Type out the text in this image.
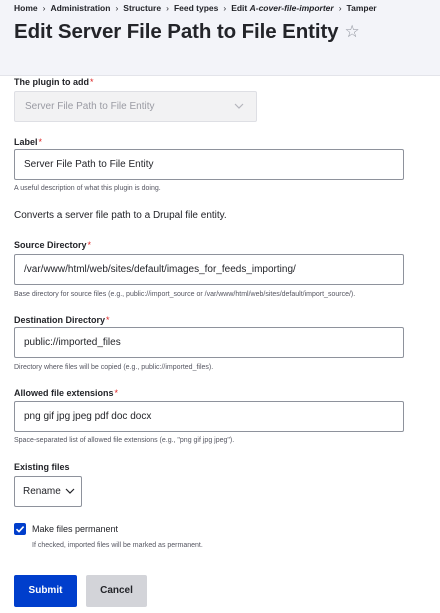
Home › Administration › Structure › Feed types › Edit A-cover-file-importer › Tamper
Edit Server File Path to File Entity ☆
The plugin to add*
Server File Path to File Entity
Label*
Server File Path to File Entity
A useful description of what this plugin is doing.
Converts a server file path to a Drupal file entity.
Source Directory*
/var/www/html/web/sites/default/images_for_feeds_importing/
Base directory for source files (e.g., public://import_source or /var/www/html/web/sites/default/import_source/).
Destination Directory*
public://imported_files
Directory where files will be copied (e.g., public://imported_files).
Allowed file extensions*
png gif jpg jpeg pdf doc docx
Space-separated list of allowed file extensions (e.g., "png gif jpg jpeg").
Existing files
Rename
Make files permanent
If checked, imported files will be marked as permanent.
Submit	Cancel
